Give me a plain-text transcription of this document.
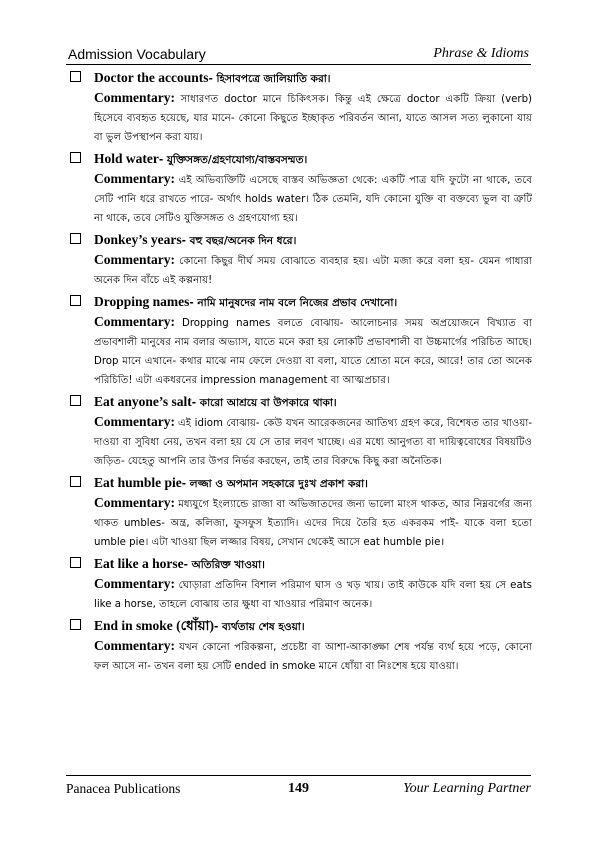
Admission Vocabulary	Phrase & Idioms
Doctor the accounts- হিসাবপত্রে জালিয়াতি করা।

Commentary: সাধারণত doctor মানে চিকিৎসক। কিন্তু এই ক্ষেত্রে doctor একটি ক্রিয়া (verb) হিসেবে ব্যবহৃত হয়েছে, যার মানে- কোনো কিছুতে ইচ্ছাকৃত পরিবর্তন আনা, যাতে আসল সত্য লুকানো যায় বা ভুল উপস্থাপন করা যায়।

Hold water- যুক্তিসঙ্গত/গ্রহণযোগ্য/বাস্তবসম্মত।

Commentary: এই অভিব্যক্তিটি এসেছে বাস্তব অভিজ্ঞতা থেকে: একটি পাত্র যদি ফুটো না থাকে, তবে সেটি পানি ধরে রাখতে পারে- অর্থাৎ holds water। ঠিক তেমনি, যদি কোনো যুক্তি বা বক্তব্যে ভুল বা ত্রুটি না থাকে, তবে সেটিও যুক্তিসঙ্গত ও গ্রহণযোগ্য হয়।

Donkey’s years- বহু বছর/অনেক দিন ধরে।

Commentary: কোনো কিছুর দীর্ঘ সময় বোঝাতে ব্যবহার হয়। এটা মজা করে বলা হয়- যেমন গাধারা অনেক দিন বাঁচে এই কল্পনায়!

Dropping names- নামি মানুষদের নাম বলে নিজের প্রভাব দেখানো।

Commentary: Dropping names বলতে বোঝায়- আলোচনার সময় অপ্রয়োজনে বিখ্যাত বা প্রভাবশালী মানুষের নাম বলার অভ্যাস, যাতে মনে করা হয় লোকটি প্রভাবশালী বা উচ্চমার্গের পরিচিত আছে। Drop মানে এখানে- কথার মাঝে নাম ফেলে দেওয়া বা বলা, যাতে শ্রোতা মনে করে, আরে! তার তো অনেক পরিচিতি! এটা একধরনের impression management বা আত্মপ্রচার।

Eat anyone’s salt- কারো আশ্রয়ে বা উপকারে থাকা।

Commentary: এই idiom বোঝায়- কেউ যখন আরেকজনের আতিথ্য গ্রহণ করে, বিশেষত তার খাওয়া- দাওয়া বা সুবিধা নেয়, তখন বলা হয় যে সে তার লবণ খাচ্ছে। এর মধ্যে আনুগত্য বা দায়িত্ববোধের বিষয়টিও জড়িত- যেহেতু আপনি তার উপর নির্ভর করছেন, তাই তার বিরুদ্ধে কিছু করা অনৈতিক।

Eat humble pie- লজ্জা ও অপমান সহকারে দুঃখ প্রকাশ করা।

Commentary: মধ্যযুগে ইংল্যান্ডে রাজা বা অভিজাতদের জন্য ভালো মাংস থাকত, আর নিম্নবর্গের জন্য থাকত umbles- অন্ত্র, কলিজা, ফুসফুস ইত্যাদি। এদের দিয়ে তৈরি হত একরকম পাই- যাকে বলা হতো umble pie। এটা খাওয়া ছিল লজ্জার বিষয়, সেখান থেকেই আসে eat humble pie।

Eat like a horse- অতিরিক্ত খাওয়া।

Commentary: ঘোড়ারা প্রতিদিন বিশাল পরিমাণ ঘাস ও খড় খায়। তাই কাউকে যদি বলা হয় সে eats like a horse, তাহলে বোঝায় তার ক্ষুধা বা খাওয়ার পরিমাণ অনেক।

End in smoke (ধোঁয়া)- ব্যর্থতায় শেষ হওয়া।

Commentary: যখন কোনো পরিকল্পনা, প্রচেষ্টা বা আশা-আকাঙ্ক্ষা শেষ পর্যন্ত ব্যর্থ হয়ে পড়ে, কোনো ফল আসে না- তখন বলা হয় সেটি ended in smoke মানে ধোঁয়া বা নিঃশেষ হয়ে যাওয়া।

Panacea Publications	149	Your Learning Partner
